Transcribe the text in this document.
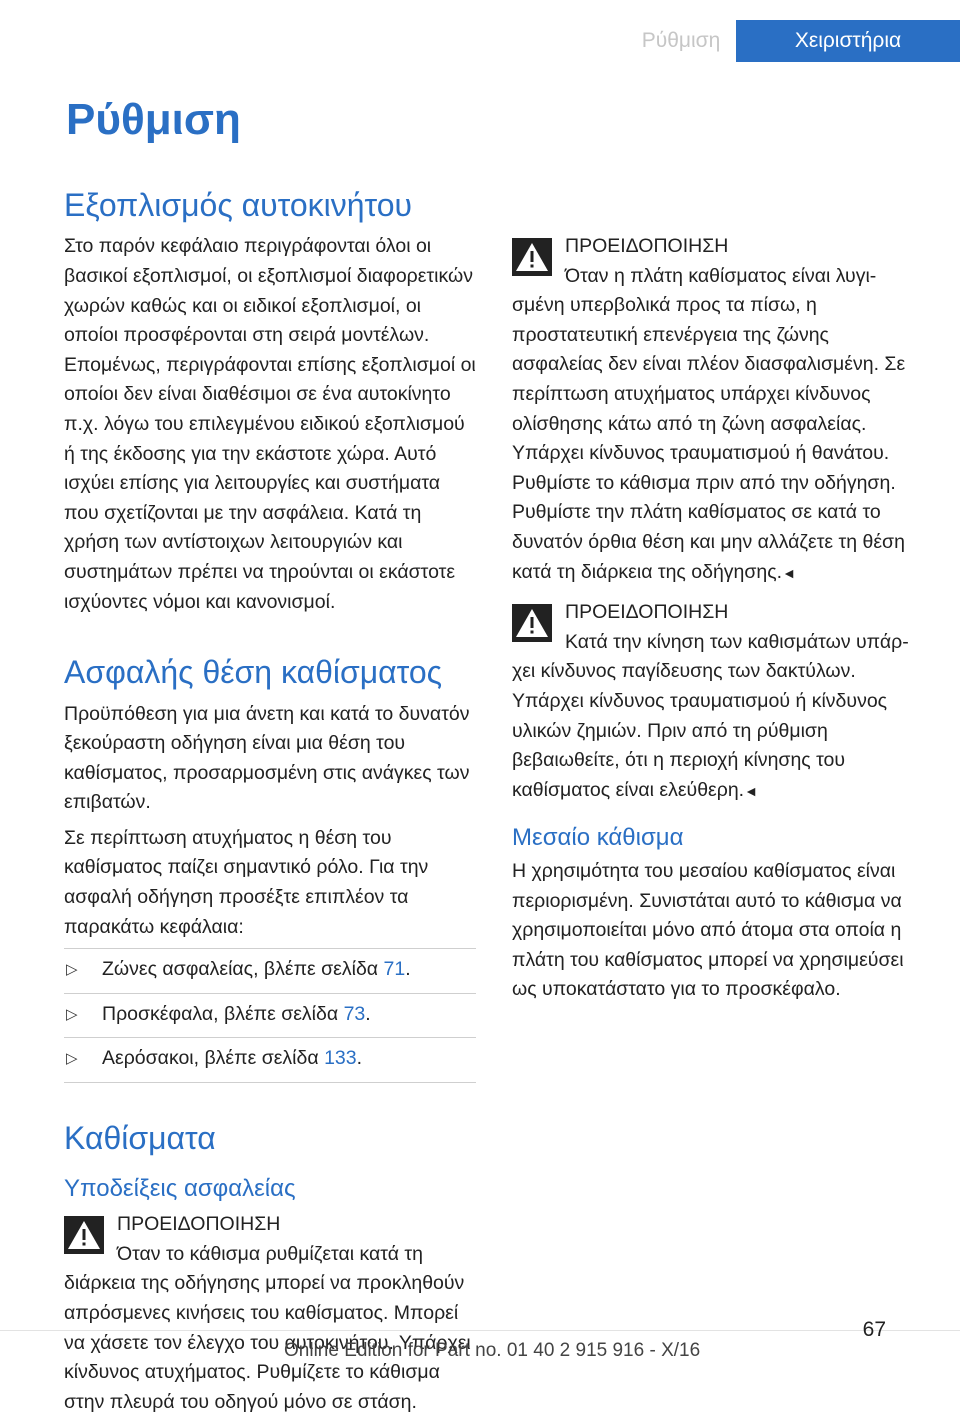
Ρύθμιση	Χειριστήρια
Ρύθμιση
Εξοπλισμός αυτοκινήτου

Στο παρόν κεφάλαιο περιγράφονται όλοι οι βασικοί εξοπλισμοί, οι εξοπλισμοί διαφορετικών χωρών καθώς και οι ειδικοί εξοπλισμοί, οι οποίοι προσφέρονται στη σειρά μοντέλων. Επομένως, περιγράφονται επίσης εξοπλισμοί οι οποίοι δεν είναι διαθέσιμοι σε ένα αυτοκίνητο π.χ. λόγω του επιλεγμένου ειδικού εξοπλισμού ή της έκδοσης για την εκάστοτε χώρα. Αυτό ισχύει επίσης για λειτουργίες και συστήματα που σχετίζονται με την ασφάλεια. Κατά τη χρήση των αντίστοιχων λειτουργιών και συστημάτων πρέπει να τηρούνται οι εκάστοτε ισχύοντες νόμοι και κανονισμοί.

Ασφαλής θέση καθίσματος

Προϋπόθεση για μια άνετη και κατά το δυνατόν ξεκούραστη οδήγηση είναι μια θέση του καθίσματος, προσαρμοσμένη στις ανάγκες των επιβατών.

Σε περίπτωση ατυχήματος η θέση του καθίσματος παίζει σημαντικό ρόλο. Για την ασφαλή οδήγηση προσέξτε επιπλέον τα παρακάτω κεφάλαια:

▷	Ζώνες ασφαλείας, βλέπε σελίδα 71.
▷	Προσκέφαλα, βλέπε σελίδα 73.
▷	Αερόσακοι, βλέπε σελίδα 133.
Καθίσματα
Υποδείξεις ασφαλείας
ΠΡΟΕΙΔΟΠΟΙΗΣΗ
Όταν το κάθισμα ρυθμίζεται κατά τη

διάρκεια της οδήγησης μπορεί να προκληθούν απρόσμενες κινήσεις του καθίσματος. Μπορεί να χάσετε τον έλεγχο του αυτοκινήτου. Υπάρχει κίνδυνος ατυχήματος. Ρυθμίζετε το κάθισμα στην πλευρά του οδηγού μόνο σε στάση.

ΠΡΟΕΙΔΟΠΟΙΗΣΗ
Όταν η πλάτη καθίσματος είναι λυγι-

σμένη υπερβολικά προς τα πίσω, η προστατευτική επενέργεια της ζώνης ασφαλείας δεν είναι πλέον διασφαλισμένη. Σε περίπτωση ατυχήματος υπάρχει κίνδυνος ολίσθησης κάτω από τη ζώνη ασφαλείας. Υπάρχει κίνδυνος τραυματισμού ή θανάτου. Ρυθμίστε το κάθισμα πριν από την οδήγηση. Ρυθμίστε την πλάτη καθίσματος σε κατά το δυνατόν όρθια θέση και μην αλλάζετε τη θέση κατά τη διάρκεια της οδήγησης.◄

ΠΡΟΕΙΔΟΠΟΙΗΣΗ
Κατά την κίνηση των καθισμάτων υπάρ-

χει κίνδυνος παγίδευσης των δακτύλων. Υπάρχει κίνδυνος τραυματισμού ή κίνδυνος υλικών ζημιών. Πριν από τη ρύθμιση βεβαιωθείτε, ότι η περιοχή κίνησης του καθίσματος είναι ελεύθερη.◄

Μεσαίο κάθισμα

Η χρησιμότητα του μεσαίου καθίσματος είναι περιορισμένη. Συνιστάται αυτό το κάθισμα να χρησιμοποιείται μόνο από άτομα στα οποία η πλάτη του καθίσματος μπορεί να χρησιμεύσει ως υποκατάστατο για το προσκέφαλο.

67
Online Edition for Part no. 01 40 2 915 916 - X/16
